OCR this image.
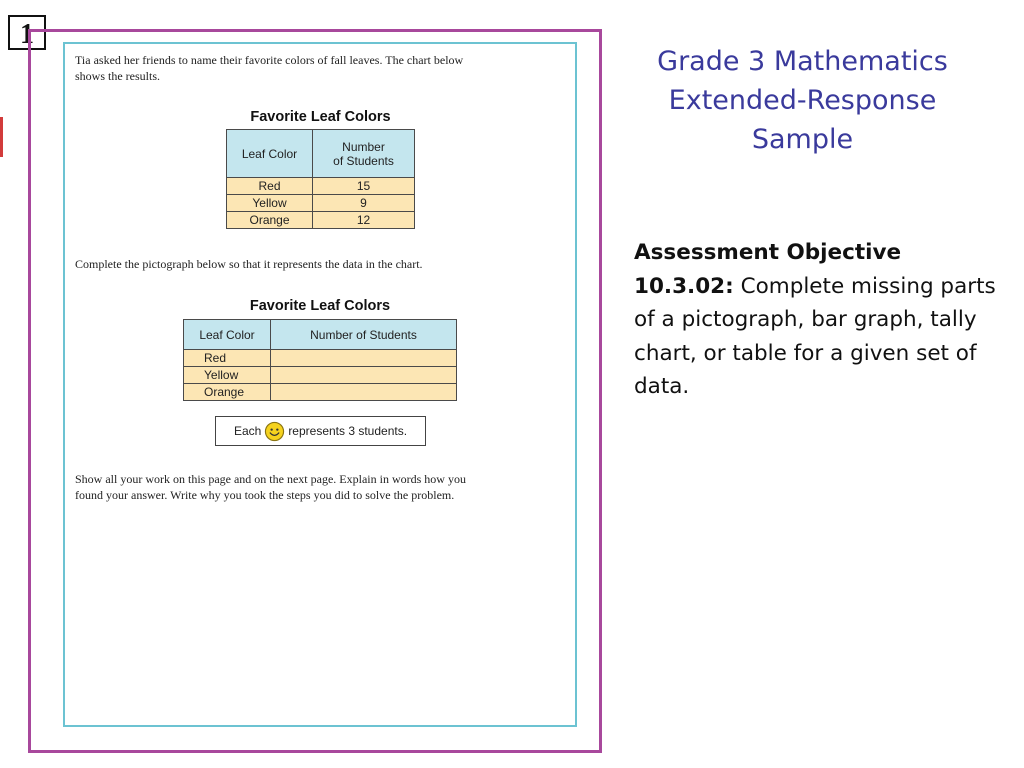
1
Tia asked her friends to name their favorite colors of fall leaves. The chart below
shows the results.
Favorite Leaf Colors
Leaf Color	Number
of Students

Red	15
Yellow	9
Orange	12
Complete the pictograph below so that it represents the data in the chart.
Favorite Leaf Colors
Leaf Color	Number of Students
Red	
Yellow	
Orange	
Each represents 3 students.
Show all your work on this page and on the next page. Explain in words how you
found your answer. Write why you took the steps you did to solve the problem.
Grade 3 Mathematics
Extended-Response
Sample
Assessment Objective
10.3.02: Complete missing parts of a pictograph, bar graph, tally chart, or table for a given set of data.
